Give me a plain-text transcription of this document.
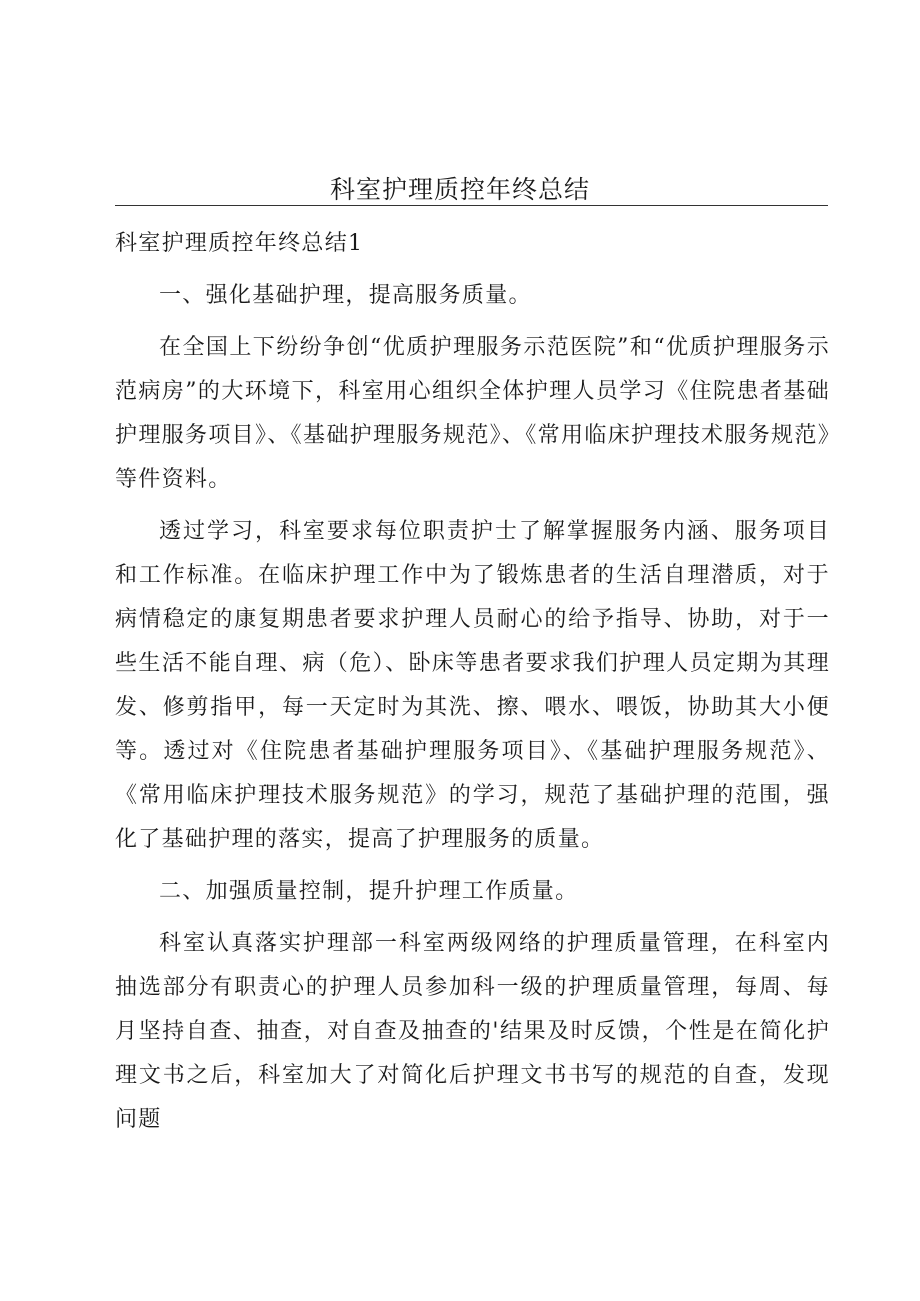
科室护理质控年终总结

科室护理质控年终总结1

一、强化基础护理，提高服务质量。

在全国上下纷纷争创“优质护理服务示范医院”和“优质护理服务示范病房”的大环境下，科室用心组织全体护理人员学习《住院患者基础护理服务项目》、《基础护理服务规范》、《常用临床护理技术服务规范》等件资料。

透过学习，科室要求每位职责护士了解掌握服务内涵、服务项目和工作标准。在临床护理工作中为了锻炼患者的生活自理潜质，对于病情稳定的康复期患者要求护理人员耐心的给予指导、协助，对于一些生活不能自理、病（危）、卧床等患者要求我们护理人员定期为其理发、修剪指甲，每一天定时为其洗、擦、喂水、喂饭，协助其大小便等。透过对《住院患者基础护理服务项目》、《基础护理服务规范》、《常用临床护理技术服务规范》的学习，规范了基础护理的范围，强化了基础护理的落实，提高了护理服务的质量。

二、加强质量控制，提升护理工作质量。

科室认真落实护理部一科室两级网络的护理质量管理，在科室内抽选部分有职责心的护理人员参加科一级的护理质量管理，每周、每月坚持自查、抽查，对自查及抽查的'结果及时反馈，个性是在简化护理文书之后，科室加大了对简化后护理文书书写的规范的自查，发现问题
